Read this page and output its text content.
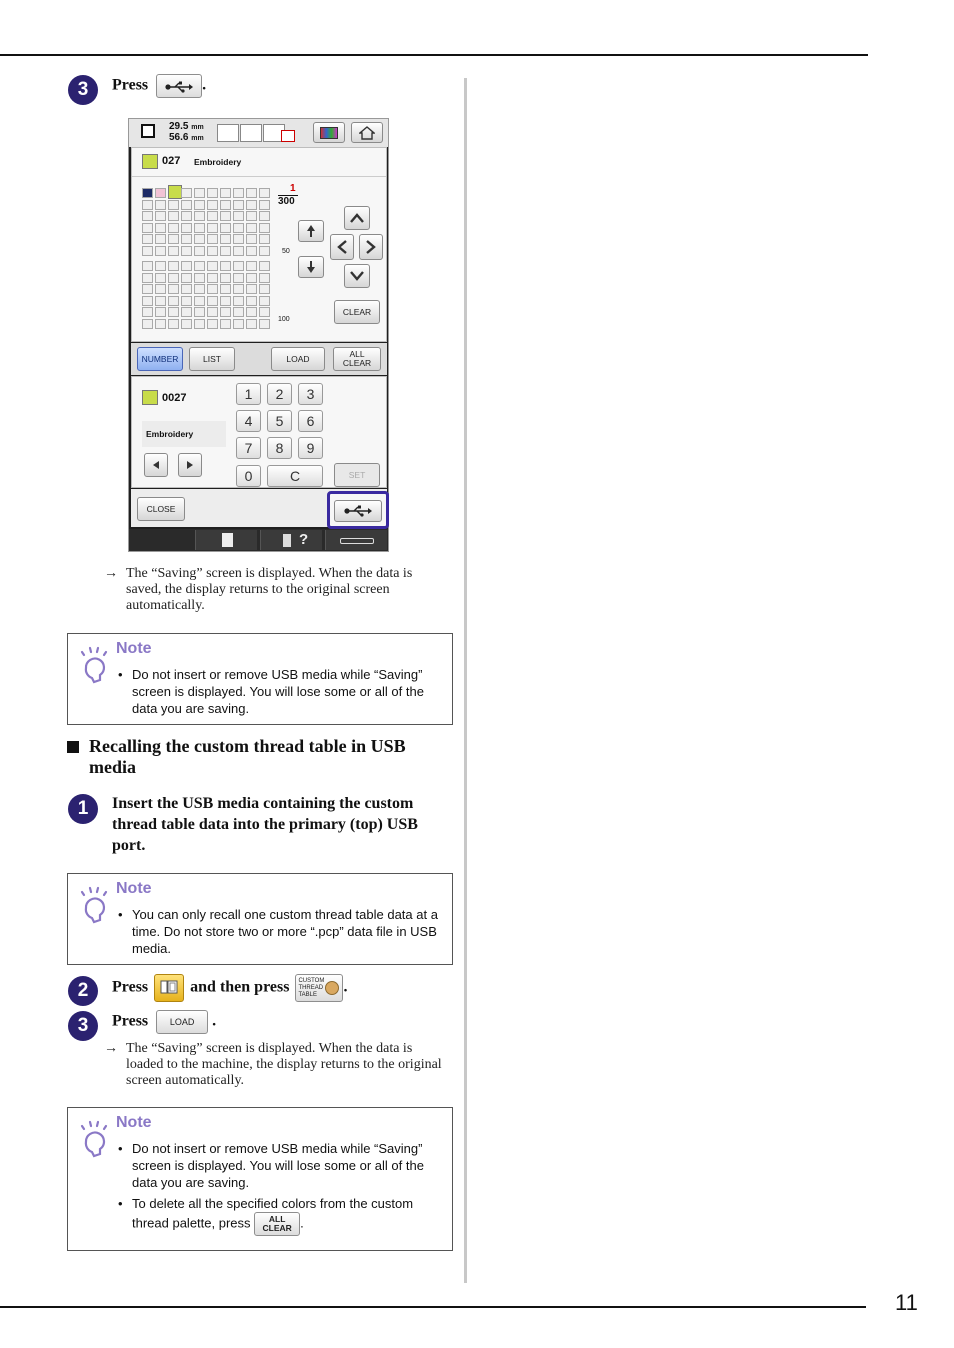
3	Press	.
29.5 mm
56.6 mm
027 Embroidery
1
300
50
100
CLEAR
NUMBER	LIST	LOAD	ALL
CLEAR
0027
Embroidery
1	2	3
4	5	6
7	8	9
0	C	SET
CLOSE
?
→ The “Saving” screen is displayed. When the data is saved, the display returns to the original screen automatically.
Note
• Do not insert or remove USB media while “Saving” screen is displayed. You will lose some or all of the data you are saving.
Recalling the custom thread table in USB media
1	Insert the USB media containing the custom thread table data into the primary (top) USB port.
Note
• You can only recall one custom thread table data at a time. Do not store two or more “.pcp” data file in USB media.
2	Press	and then press CUSTOM
THREAD
TABLE	.
3	Press LOAD .
→ The “Saving” screen is displayed. When the data is loaded to the machine, the display returns to the original screen automatically.
Note
• Do not insert or remove USB media while “Saving” screen is displayed. You will lose some or all of the data you are saving.
• To delete all the specified colors from the custom thread palette, press	ALL
CLEAR .
11
